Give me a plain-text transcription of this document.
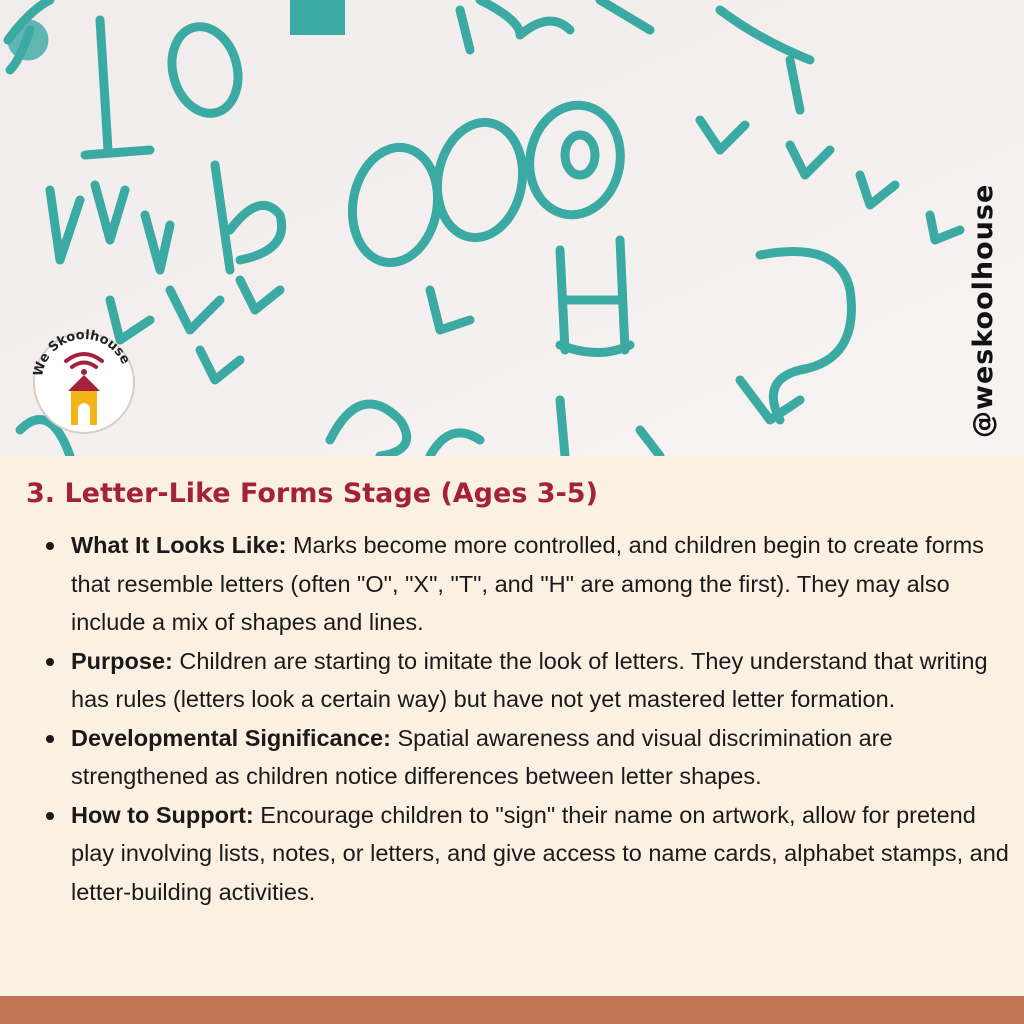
We Skoolhouse	@weskoolhouse
3. Letter-Like Forms Stage (Ages 3-5)
What It Looks Like: Marks become more controlled, and children begin to create forms that resemble letters (often "O", "X", "T", and "H" are among the first). They may also include a mix of shapes and lines.
Purpose: Children are starting to imitate the look of letters. They understand that writing has rules (letters look a certain way) but have not yet mastered letter formation.
Developmental Significance: Spatial awareness and visual discrimination are strengthened as children notice differences between letter shapes.
How to Support: Encourage children to "sign" their name on artwork, allow for pretend play involving lists, notes, or letters, and give access to name cards, alphabet stamps, and letter-building activities.
